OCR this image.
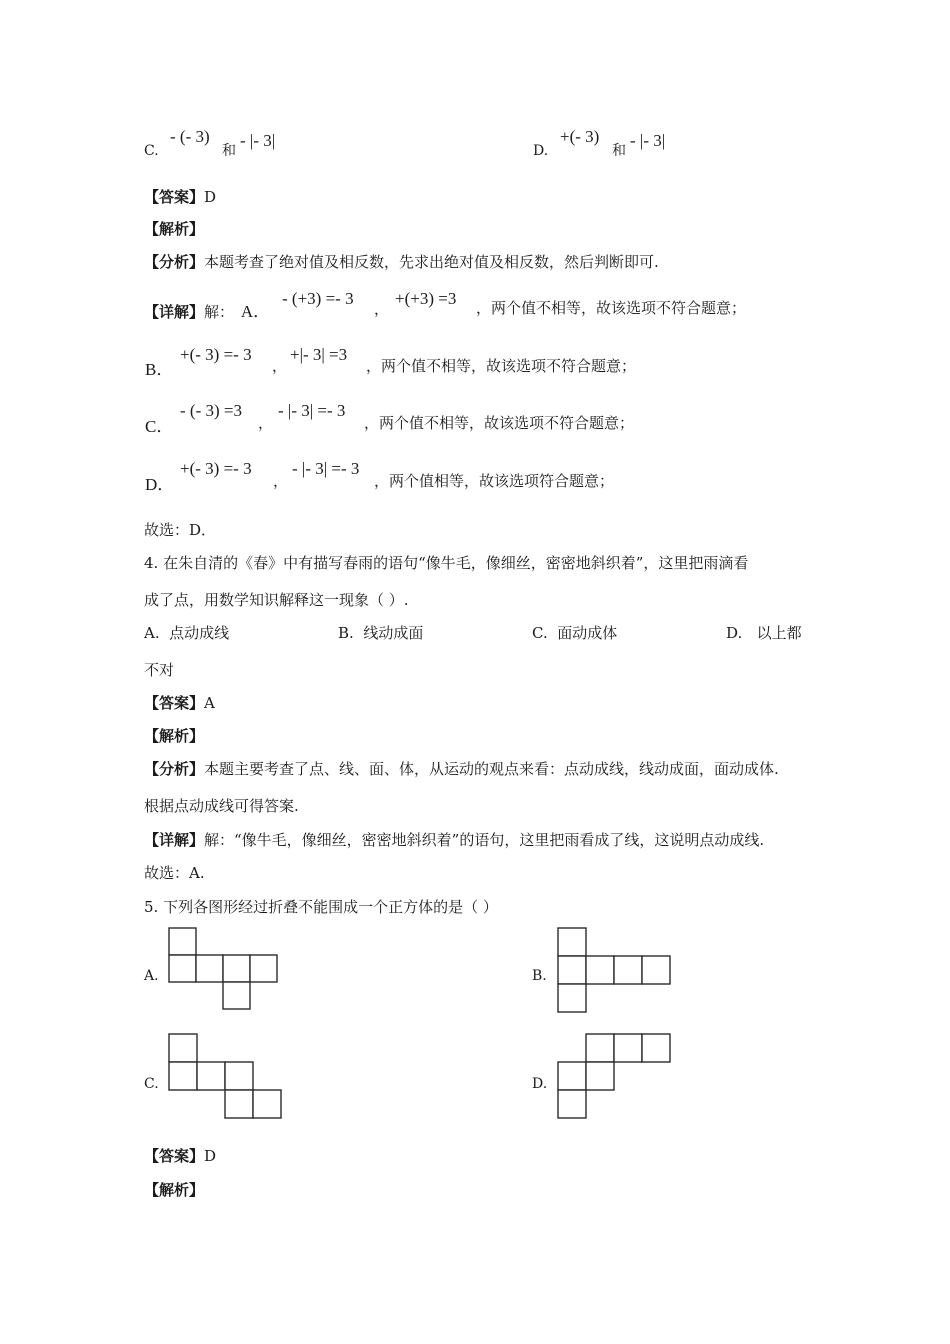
C.
- (- 3)
和
- |- 3|
D.
+(- 3)
和
- |- 3|
【答案】D
【解析】
【分析】本题考查了绝对值及相反数，先求出绝对值及相反数，然后判断即可.
【详解】解： A．
- (+3) =- 3
，
+(+3) =3 ，两个值不相等，故该选项不符合题意；
B．
+(- 3) =- 3
，
+|- 3| =3
，两个值不相等，故该选项不符合题意；
C．
- (- 3) =3
，
- |- 3| =- 3
，两个值不相等，故该选项不符合题意；
D．
+(- 3) =- 3
，
- |- 3| =- 3
，两个值相等，故该选项符合题意；
故选：D．
4. 在朱自清的《春》中有描写春雨的语句“像牛毛，像细丝，密密地斜织着”，这里把雨滴看
成了点，用数学知识解释这一现象（ ）.
A. 点动成线	B. 线动成面	C. 面动成体	D. 以上都
不对
【答案】A
【解析】
【分析】本题主要考查了点、线、面、体，从运动的观点来看：点动成线，线动成面，面动成体.
根据点动成线可得答案.
【详解】解：“像牛毛，像细丝，密密地斜织着”的语句，这里把雨看成了线，这说明点动成线.
故选：A.
5. 下列各图形经过折叠不能围成一个正方体的是（ ）
A.	B.
C.	D.
【答案】D
【解析】
